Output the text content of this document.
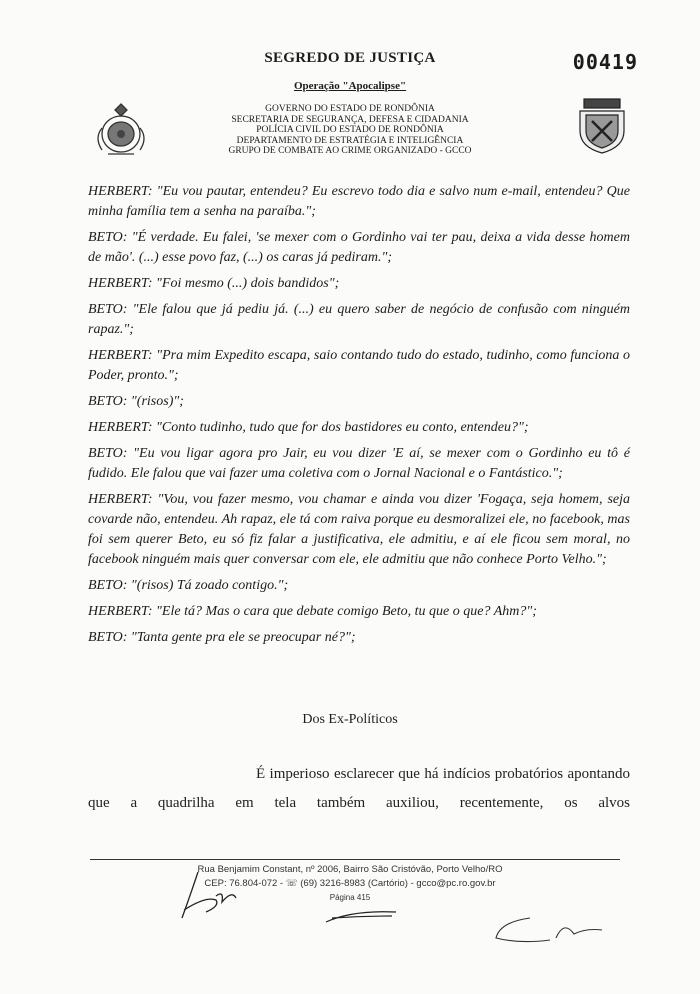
SEGREDO DE JUSTIÇA	00419
Operação "Apocalipse"
GOVERNO DO ESTADO DE RONDÔNIA
SECRETARIA DE SEGURANÇA, DEFESA E CIDADANIA
POLÍCIA CIVIL DO ESTADO DE RONDÔNIA
DEPARTAMENTO DE ESTRATÉGIA E INTELIGÊNCIA
GRUPO DE COMBATE AO CRIME ORGANIZADO - GCCO

HERBERT: "Eu vou pautar, entendeu? Eu escrevo todo dia e salvo num e-mail, entendeu? Que minha família tem a senha na paraíba.";

BETO: "É verdade. Eu falei, 'se mexer com o Gordinho vai ter pau, deixa a vida desse homem de mão'. (...) esse povo faz, (...) os caras já pediram.";

HERBERT: "Foi mesmo (...) dois bandidos";

BETO: "Ele falou que já pediu já. (...) eu quero saber de negócio de confusão com ninguém rapaz.";

HERBERT: "Pra mim Expedito escapa, saio contando tudo do estado, tudinho, como funciona o Poder, pronto.";

BETO: "(risos)";

HERBERT: "Conto tudinho, tudo que for dos bastidores eu conto, entendeu?";

BETO: "Eu vou ligar agora pro Jair, eu vou dizer 'E aí, se mexer com o Gordinho eu tô é fudido. Ele falou que vai fazer uma coletiva com o Jornal Nacional e o Fantástico.";

HERBERT: "Vou, vou fazer mesmo, vou chamar e ainda vou dizer 'Fogaça, seja homem, seja covarde não, entendeu. Ah rapaz, ele tá com raiva porque eu desmoralizei ele, no facebook, mas foi sem querer Beto, eu só fiz falar a justificativa, ele admitiu, e aí ele ficou sem moral, no facebook ninguém mais quer conversar com ele, ele admitiu que não conhece Porto Velho.";

BETO: "(risos) Tá zoado contigo.";

HERBERT: "Ele tá? Mas o cara que debate comigo Beto, tu que o que? Ahm?";

BETO: "Tanta gente pra ele se preocupar né?";

Dos Ex-Políticos
É imperioso esclarecer que há indícios probatórios apontando que a quadrilha em tela também auxiliou, recentemente, os alvos
Rua Benjamim Constant, nº 2006, Bairro São Cristóvão, Porto Velho/RO
CEP: 76.804-072 - ☏ (69) 3216-8983 (Cartório) - gcco@pc.ro.gov.br
Página 415
